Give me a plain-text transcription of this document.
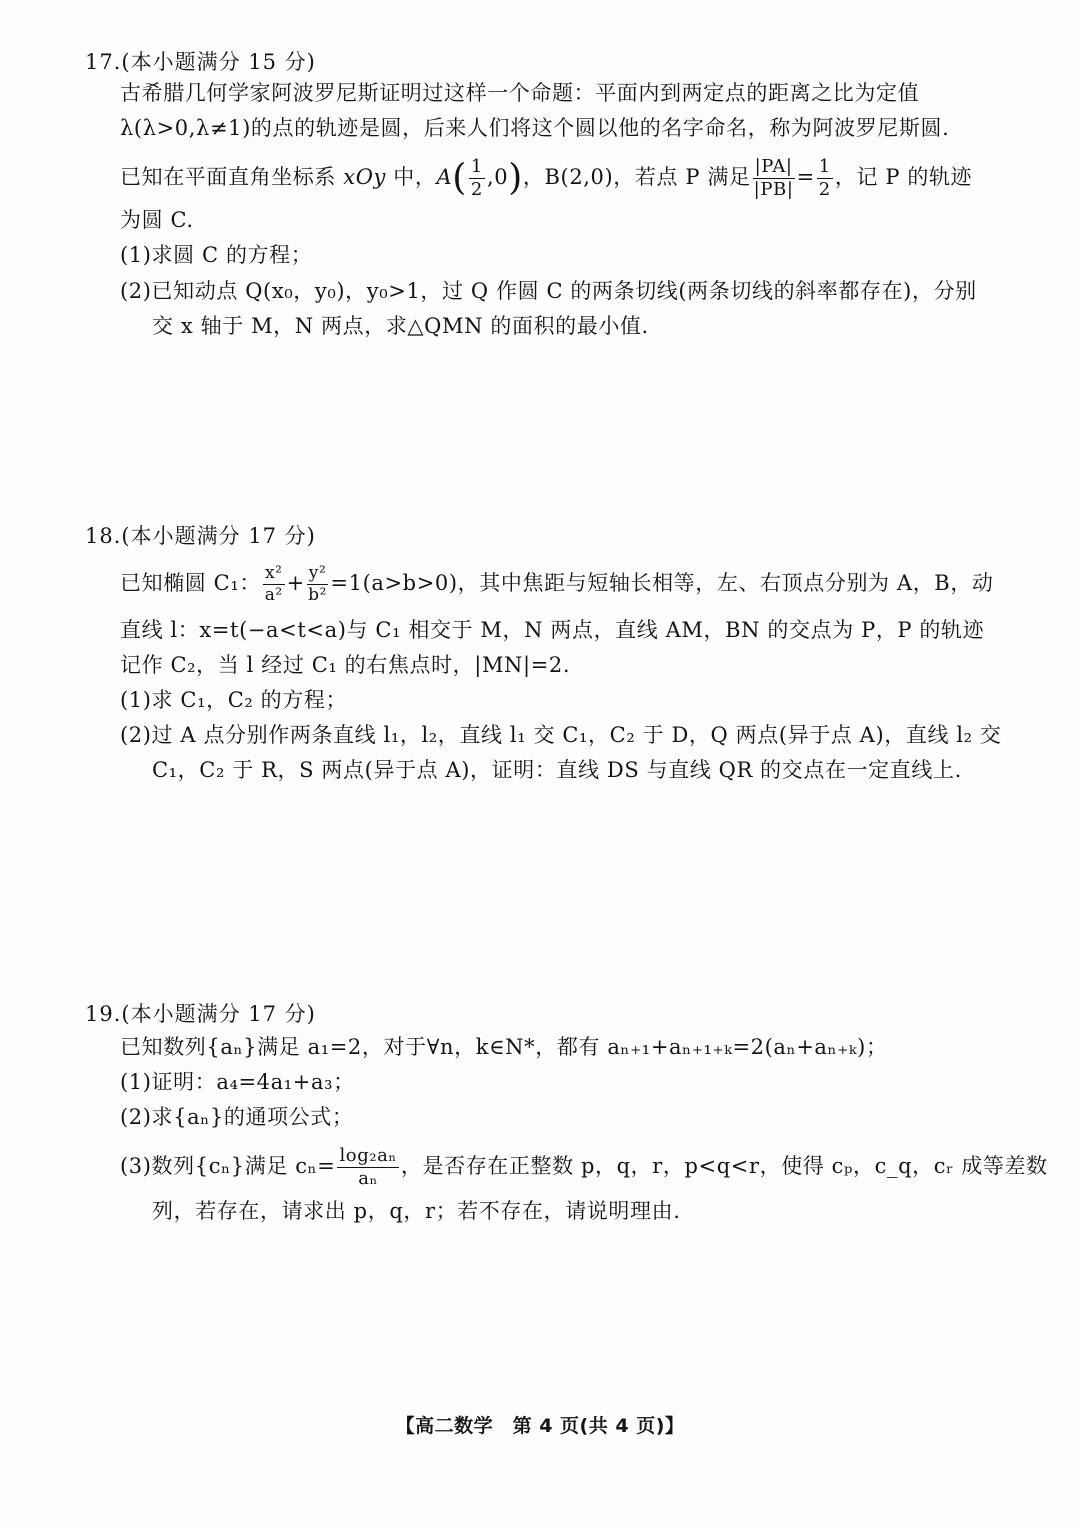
17.(本小题满分 15 分)
古希腊几何学家阿波罗尼斯证明过这样一个命题：平面内到两定点的距离之比为定值
λ(λ>0,λ≠1)的点的轨迹是圆，后来人们将这个圆以他的名字命名，称为阿波罗尼斯圆.
已知在平面直角坐标系 xOy 中，$A( \frac{1}{2} ,0)$，B(2,0)，若点 P 满足 $\frac{|PA|}{|PB|} = \frac{1}{2}$ ，记 P 的轨迹
为圆 C.
(1)求圆 C 的方程；
(2)已知动点 Q(x₀，y₀)，y₀>1，过 Q 作圆 C 的两条切线(两条切线的斜率都存在)，分别
交 x 轴于 M，N 两点，求△QMN 的面积的最小值.
18.(本小题满分 17 分)
已知椭圆 C₁： $\frac{\text{x²}}{\text{a²}} + \frac{\text{y²}}{\text{b²}} =1(a>b>0)$，其中焦距与短轴长相等，左、右顶点分别为 A，B，动
直线 l：x=t(−a<t<a)与 C₁ 相交于 M，N 两点，直线 AM，BN 的交点为 P，P 的轨迹
记作 C₂，当 l 经过 C₁ 的右焦点时，|MN|=2.
(1)求 C₁，C₂ 的方程；
(2)过 A 点分别作两条直线 l₁，l₂，直线 l₁ 交 C₁，C₂ 于 D，Q 两点(异于点 A)，直线 l₂ 交
C₁，C₂ 于 R，S 两点(异于点 A)，证明：直线 DS 与直线 QR 的交点在一定直线上.
19.(本小题满分 17 分)
已知数列{aₙ}满足 a₁=2，对于∀n，k∈N*，都有 aₙ₊₁+aₙ₊₁₊ₖ=2(aₙ+aₙ₊ₖ)；
(1)证明：a₄=4a₁+a₃；
(2)求{aₙ}的通项公式；
(3)数列{cₙ}满足 $c_n= \frac{\text{log₂aₙ}}{\text{aₙ}}$ ，是否存在正整数 p，q，r，p<q<r，使得 cₚ，c_q，cᵣ 成等差数
列，若存在，请求出 p，q，r；若不存在，请说明理由.
【高二数学　第 4 页(共 4 页)】
